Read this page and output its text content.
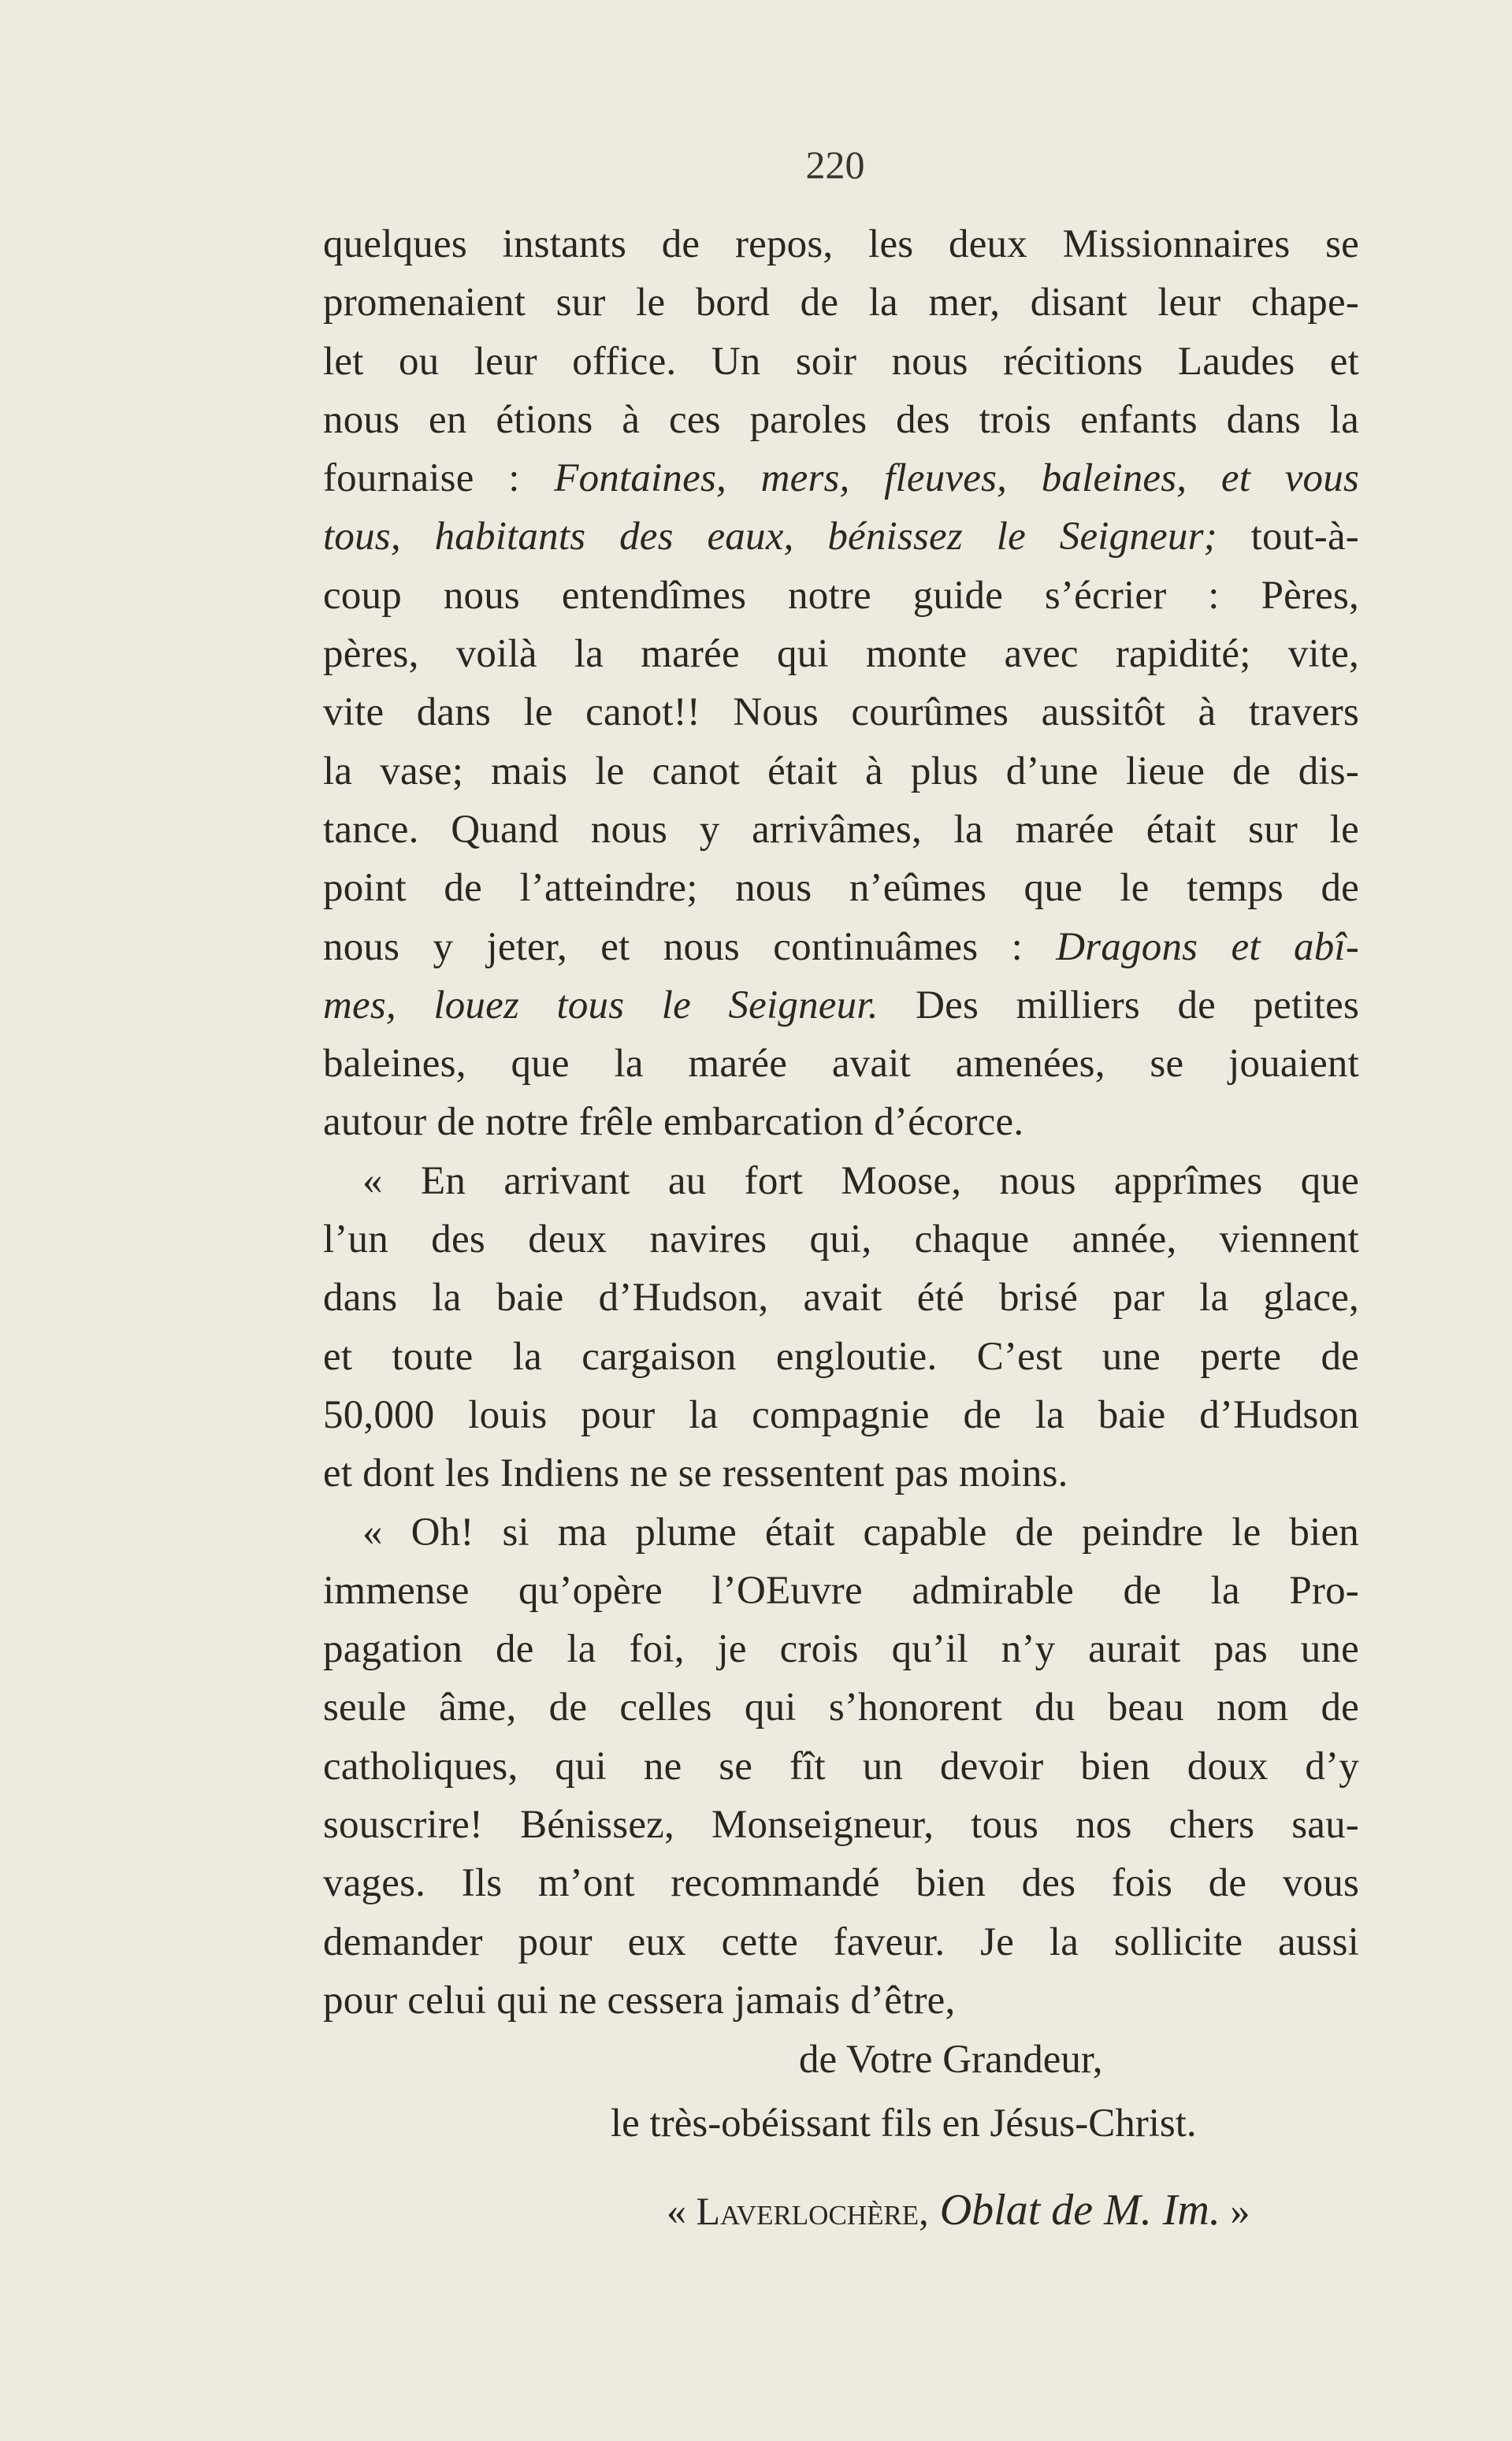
220
quelques instants de repos, les deux Missionnaires se
promenaient sur le bord de la mer, disant leur chape-
let ou leur office. Un soir nous récitions Laudes et
nous en étions à ces paroles des trois enfants dans la
fournaise : Fontaines, mers, fleuves, baleines, et vous
tous, habitants des eaux, bénissez le Seigneur; tout-à-
coup nous entendîmes notre guide s’écrier : Pères,
pères, voilà la marée qui monte avec rapidité; vite,
vite dans le canot!! Nous courûmes aussitôt à travers
la vase; mais le canot était à plus d’une lieue de dis-
tance. Quand nous y arrivâmes, la marée était sur le
point de l’atteindre; nous n’eûmes que le temps de
nous y jeter, et nous continuâmes : Dragons et abî-
mes, louez tous le Seigneur. Des milliers de petites
baleines, que la marée avait amenées, se jouaient
autour de notre frêle embarcation d’écorce.
« En arrivant au fort Moose, nous apprîmes que
l’un des deux navires qui, chaque année, viennent
dans la baie d’Hudson, avait été brisé par la glace,
et toute la cargaison engloutie. C’est une perte de
50,000 louis pour la compagnie de la baie d’Hudson
et dont les Indiens ne se ressentent pas moins.
« Oh! si ma plume était capable de peindre le bien
immense qu’opère l’OEuvre admirable de la Pro-
pagation de la foi, je crois qu’il n’y aurait pas une
seule âme, de celles qui s’honorent du beau nom de
catholiques, qui ne se fît un devoir bien doux d’y
souscrire! Bénissez, Monseigneur, tous nos chers sau-
vages. Ils m’ont recommandé bien des fois de vous
demander pour eux cette faveur. Je la sollicite aussi
pour celui qui ne cessera jamais d’être,
de Votre Grandeur,
le très-obéissant fils en Jésus-Christ.
« Laverlochère, Oblat de M. Im. »
